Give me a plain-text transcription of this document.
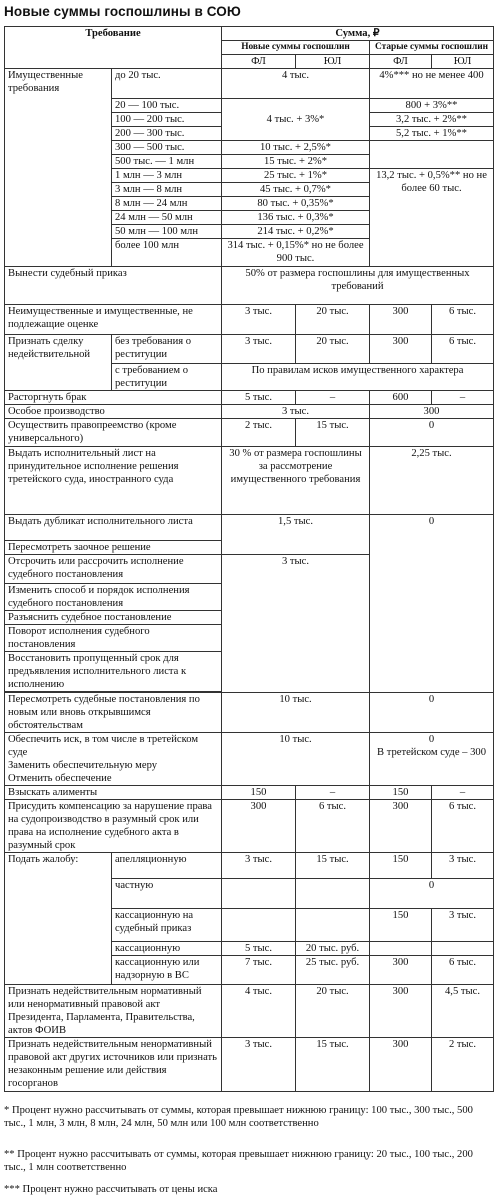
Новые суммы госпошлины в СОЮ
Требование		Сумма, ₽			
		Новые суммы госпошлин		Старые суммы госпошлин	
		ФЛ	ЮЛ	ФЛ	ЮЛ
Имущественные требования	до 20 тыс.	4 тыс.		4%*** но не менее 400	
	20 — 100 тыс.	4 тыс. + 3%*		800 + 3%**	
	100 — 200 тыс.			3,2 тыс. + 2%**	
	200 — 300 тыс.			5,2 тыс. + 1%**	
	300 — 500 тыс.	10 тыс. + 2,5%*			
	500 тыс. — 1 млн	15 тыс. + 2%*			
	1 млн — 3 млн	25 тыс. + 1%*		13,2 тыс. + 0,5%** но не более 60 тыс.	
	3 млн — 8 млн	45 тыс. + 0,7%*			
	8 млн — 24 млн	80 тыс. + 0,35%*			
	24 млн — 50 млн	136 тыс. + 0,3%*			
	50 млн — 100 млн	214 тыс. + 0,2%*			
	более 100 млн	314 тыс. + 0,15%* но не более 900 тыс.			
Вынести судебный приказ		50% от размера госпошлины для имущественных требований			
Неимущественные и имущественные, не подлежащие оценке		3 тыс.	20 тыс.	300	6 тыс.
Признать сделку недействительной	без требования о реституции	3 тыс.	20 тыс.	300	6 тыс.
	с требованием о реституции	По правилам исков имущественного характера			
Расторгнуть брак		5 тыс.	–	600	–
Особое производство		3 тыс.		300	
Осуществить правопреемство (кроме универсального)		2 тыс.	15 тыс.	0	
Выдать исполнительный лист на принудительное исполнение решения третейского суда, иностранного суда		30 % от размера госпошлины за рассмотрение имущественного требования		2,25 тыс.	
Выдать дубликат исполнительного листа		1,5 тыс.		0	
Пересмотреть заочное решение					
Отсрочить или рассрочить исполнение судебного постановления		3 тыс.			
Изменить способ и порядок исполнения судебного постановления					
Разъяснить судебное постановление					
Поворот исполнения судебного постановления					
Восстановить пропущенный срок для предъявления исполнительного листа к исполнению					

Пересмотреть судебные постановления по новым или вновь открывшимся обстоятельствам		10 тыс.		0	
Обеспечить иск, в том числе в третейском суде
Заменить обеспечительную меру
Отменить обеспечение		10 тыс.		0
В третейском суде – 300	
Взыскать алименты		150	–	150	–
Присудить компенсацию за нарушение права на судопроизводство в разумный срок или права на исполнение судебного акта в разумный срок		300	6 тыс.	300	6 тыс.
Подать жалобу:	апелляционную	3 тыс.	15 тыс.	150	3 тыс.
	частную			0	
	кассационную на судебный приказ			150	3 тыс.
	кассационную	5 тыс.	20 тыс. руб.		
	кассационную или надзорную в ВС	7 тыс.	25 тыс. руб.	300	6 тыс.
Признать недействительным нормативный или ненормативный правовой акт Президента, Парламента, Правительства, актов ФОИВ		4 тыс.	20 тыс.	300	4,5 тыс.
Признать недействительным ненормативный правовой акт других источников или признать незаконным решение или действия госорганов		3 тыс.	15 тыс.	300	2 тыс.
* Процент нужно рассчитывать от суммы, которая превышает нижнюю границу: 100 тыс., 300 тыс., 500 тыс., 1 млн, 3 млн, 8 млн, 24 млн, 50 млн или 100 млн соответственно
** Процент нужно рассчитывать от суммы, которая превышает нижнюю границу: 20 тыс., 100 тыс., 200 тыс., 1 млн соответственно
*** Процент нужно рассчитывать от цены иска
